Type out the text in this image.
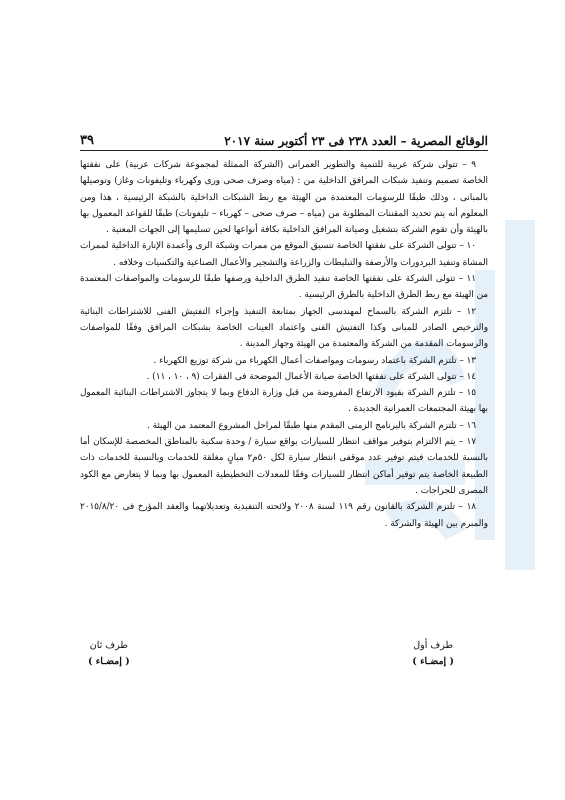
٣٩	الوقائع المصرية – العدد ٢٣٨ فى ٢٣ أكتوبر سنة ٢٠١٧

٩ – تتولى شركة عربية للتنمية والتطوير العمرانى (الشركة الممثلة لمجموعة شركات عربية) على نفقتها الخاصة تصميم وتنفيذ شبكات المرافق الداخلية من : (مياه وصرف صحى ورى وكهرباء وتليفونات وغاز) وتوصيلها بالمبانى ، وذلك طبقًا للرسومات المعتمدة من الهيئة مع ربط الشبكات الداخلية بالشبكة الرئيسية ، هذا ومن المعلوم أنه يتم تحديد المقننات المطلوبة من (مياه – صرف صحى – كهرباء – تليفونات) طبقًا للقواعد المعمول بها بالهيئة وأن تقوم الشركة بتشغيل وصيانة المرافق الداخلية بكافة أنواعها لحين تسليمها إلى الجهات المعنية .

١٠ – تتولى الشركة على نفقتها الخاصة تنسيق الموقع من ممرات وشبكة الرى وأعمدة الإنارة الداخلية لممرات المشاة وتنفيذ البردورات والأرصفة والتبليطات والزراعة والتشجير والأعمال الصناعية والتكسيات وخلافه .

١١ – تتولى الشركة على نفقتها الخاصة تنفيذ الطرق الداخلية ورصفها طبقًا للرسومات والمواصفات المعتمدة من الهيئة مع ربط الطرق الداخلية بالطرق الرئيسية .

١٢ – تلتزم الشركة بالسماح لمهندسى الجهاز بمتابعة التنفيذ وإجراء التفتيش الفنى للاشتراطات البنائية والترخيص الصادر للمبانى وكذا التفتيش الفنى واعتماد العينات الخاصة بشبكات المرافق وفقًا للمواصفات والرسومات المقدمة من الشركة والمعتمدة من الهيئة وجهاز المدينة .

١٣ – تلتزم الشركة باعتماد رسومات ومواصفات أعمال الكهرباء من شركة توزيع الكهرباء .

١٤ – تتولى الشركة على نفقتها الخاصة صيانة الأعمال الموضحة فى الفقرات (٩ ، ١٠ ، ١١) .

١٥ – تلتزم الشركة بقيود الارتفاع المفروضة من قبل وزارة الدفاع وبما لا يتجاوز الاشتراطات البنائية المعمول بها بهيئة المجتمعات العمرانية الجديدة .

١٦ – تلتزم الشركة بالبرنامج الزمنى المقدم منها طبقًا لمراحل المشروع المعتمد من الهيئة .

١٧ – يتم الالتزام بتوفير مواقف انتظار للسيارات بواقع سيارة / وحدة سكنية بالمناطق المخصصة للإسكان أما بالنسبة للخدمات فيتم توفير عدد موقفى انتظار سيارة لكل ٥٠م٢ مبانٍ مغلقة للخدمات وبالنسبة للخدمات ذات الطبيعة الخاصة يتم توفير أماكن انتظار للسيارات وفقًا للمعدلات التخطيطية المعمول بها وبما لا يتعارض مع الكود المصرى للجراجات .

١٨ – تلتزم الشركة بالقانون رقم ١١٩ لسنة ٢٠٠٨ ولائحته التنفيذية وتعديلاتهما والعقد المؤرخ فى ٢٠١٥/٨/٢٠ والمبرم بين الهيئة والشركة .

طرف أول
( إمضـاء )
طرف ثان
( إمضـاء )
